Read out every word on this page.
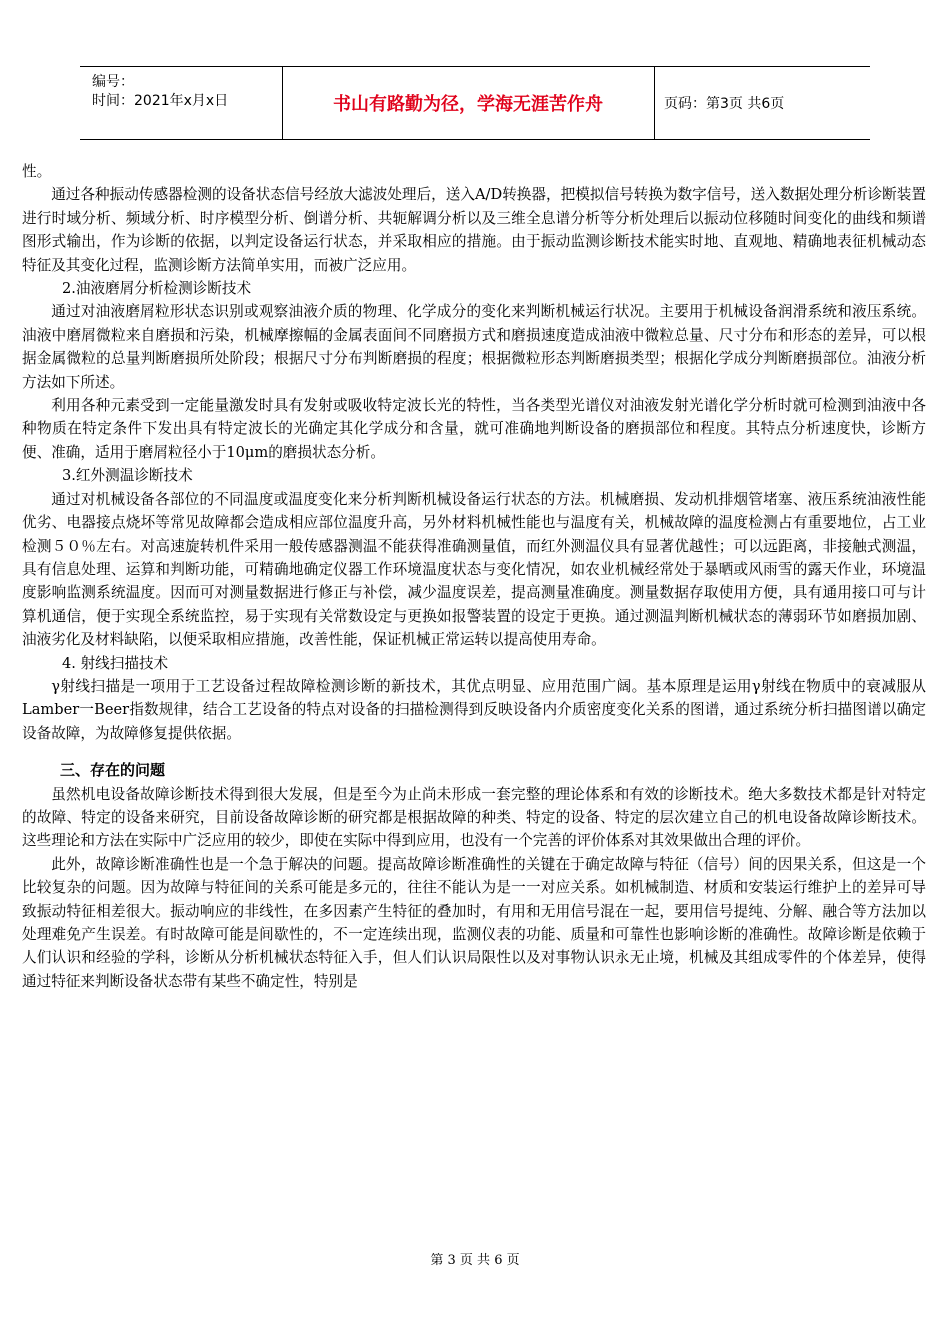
编号：
时间：2021年x月x日	书山有路勤为径，学海无涯苦作舟	页码：第3页 共6页

性。

通过各种振动传感器检测的设备状态信号经放大滤波处理后，送入A/D转换器，把模拟信号转换为数字信号，送入数据处理分析诊断装置进行时域分析、频域分析、时序模型分析、倒谱分析、共轭解调分析以及三维全息谱分析等分析处理后以振动位移随时间变化的曲线和频谱图形式输出，作为诊断的依据，以判定设备运行状态，并采取相应的措施。由于振动监测诊断技术能实时地、直观地、精确地表征机械动态特征及其变化过程，监测诊断方法简单实用，而被广泛应用。

2.油液磨屑分析检测诊断技术

通过对油液磨屑粒形状态识别或观察油液介质的物理、化学成分的变化来判断机械运行状况。主要用于机械设备润滑系统和液压系统。油液中磨屑微粒来自磨损和污染，机械摩擦幅的金属表面间不同磨损方式和磨损速度造成油液中微粒总量、尺寸分布和形态的差异，可以根据金属微粒的总量判断磨损所处阶段；根据尺寸分布判断磨损的程度；根据微粒形态判断磨损类型；根据化学成分判断磨损部位。油液分析方法如下所述。

利用各种元素受到一定能量激发时具有发射或吸收特定波长光的特性，当各类型光谱仪对油液发射光谱化学分析时就可检测到油液中各种物质在特定条件下发出具有特定波长的光确定其化学成分和含量，就可准确地判断设备的磨损部位和程度。其特点分析速度快，诊断方便、准确，适用于磨屑粒径小于10μm的磨损状态分析。

3.红外测温诊断技术

通过对机械设备各部位的不同温度或温度变化来分析判断机械设备运行状态的方法。机械磨损、发动机排烟管堵塞、液压系统油液性能优劣、电器接点烧坏等常见故障都会造成相应部位温度升高，另外材料机械性能也与温度有关，机械故障的温度检测占有重要地位，占工业检测５０％左右。对高速旋转机件采用一般传感器测温不能获得准确测量值，而红外测温仪具有显著优越性；可以远距离，非接触式测温，具有信息处理、运算和判断功能，可精确地确定仪器工作环境温度状态与变化情况，如农业机械经常处于暴晒或风雨雪的露天作业，环境温度影响监测系统温度。因而可对测量数据进行修正与补偿，减少温度误差，提高测量准确度。测量数据存取使用方便，具有通用接口可与计算机通信，便于实现全系统监控，易于实现有关常数设定与更换如报警装置的设定于更换。通过测温判断机械状态的薄弱环节如磨损加剧、油液劣化及材料缺陷，以便采取相应措施，改善性能，保证机械正常运转以提高使用寿命。

4. 射线扫描技术

γ射线扫描是一项用于工艺设备过程故障检测诊断的新技术，其优点明显、应用范围广阔。基本原理是运用γ射线在物质中的衰减服从Lamber一Beer指数规律，结合工艺设备的特点对设备的扫描检测得到反映设备内介质密度变化关系的图谱，通过系统分析扫描图谱以确定设备故障，为故障修复提供依据。

三、存在的问题

虽然机电设备故障诊断技术得到很大发展，但是至今为止尚未形成一套完整的理论体系和有效的诊断技术。绝大多数技术都是针对特定的故障、特定的设备来研究，目前设备故障诊断的研究都是根据故障的种类、特定的设备、特定的层次建立自己的机电设备故障诊断技术。这些理论和方法在实际中广泛应用的较少，即使在实际中得到应用，也没有一个完善的评价体系对其效果做出合理的评价。

此外，故障诊断准确性也是一个急于解决的问题。提高故障诊断准确性的关键在于确定故障与特征（信号）间的因果关系，但这是一个比较复杂的问题。因为故障与特征间的关系可能是多元的，往往不能认为是一一对应关系。如机械制造、材质和安装运行维护上的差异可导致振动特征相差很大。振动响应的非线性，在多因素产生特征的叠加时，有用和无用信号混在一起，要用信号提纯、分解、融合等方法加以处理难免产生误差。有时故障可能是间歇性的，不一定连续出现，监测仪表的功能、质量和可靠性也影响诊断的准确性。故障诊断是依赖于人们认识和经验的学科，诊断从分析机械状态特征入手，但人们认识局限性以及对事物认识永无止境，机械及其组成零件的个体差异，使得通过特征来判断设备状态带有某些不确定性，特别是

第 3 页 共 6 页
